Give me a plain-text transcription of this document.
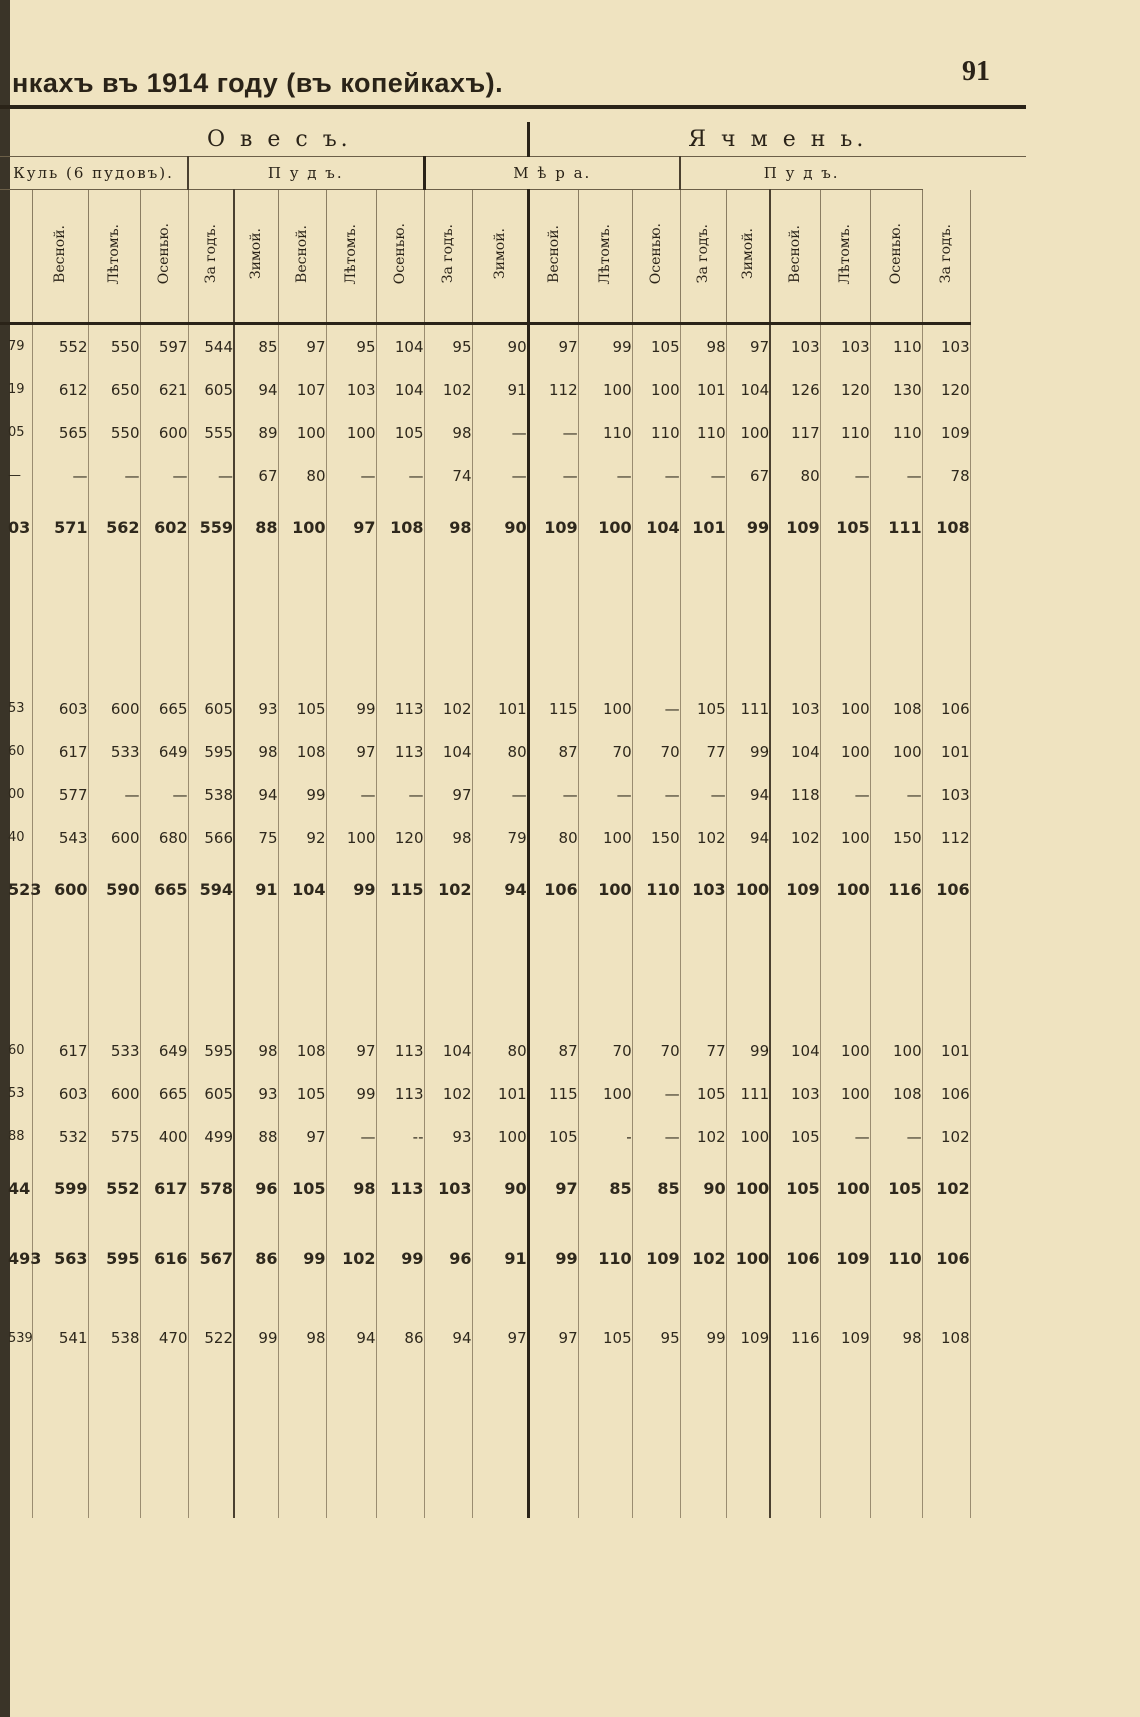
нкахъ въ 1914 году (въ копейкахъ).	91
	О в е с ъ.										Я ч м е н ь.								
Куль (6 пудовъ).				П у д ъ.					М ѣ р а.					П у д ъ.					
	Весной.	Лѣтомъ.	Осенью.	За годъ.	Зимой.	Весной.	Лѣтомъ.	Осенью.	За годъ.	Зимой.	Весной.	Лѣтомъ.	Осенью.	За годъ.	Зимой.	Весной.	Лѣтомъ.	Осенью.	За годъ.
79	552	550	597	544	85	97	95	104	95	90	97	99	105	98	97	103	103	110	103
19	612	650	621	605	94	107	103	104	102	91	112	100	100	101	104	126	120	130	120
05	565	550	600	555	89	100	100	105	98	—	—	110	110	110	100	117	110	110	109
—	—	—	—	—	67	80	—	—	74	—	—	—	—	—	67	80	—	—	78
03	571	562	602	559	88	100	97	108	98	90	109	100	104	101	99	109	105	111	108

53	603	600	665	605	93	105	99	113	102	101	115	100	—	105	111	103	100	108	106
60	617	533	649	595	98	108	97	113	104	80	87	70	70	77	99	104	100	100	101
00	577	—	—	538	94	99	—	—	97	—	—	—	—	—	94	118	—	—	103
40	543	600	680	566	75	92	100	120	98	79	80	100	150	102	94	102	100	150	112
523	600	590	665	594	91	104	99	115	102	94	106	100	110	103	100	109	100	116	106

60	617	533	649	595	98	108	97	113	104	80	87	70	70	77	99	104	100	100	101
53	603	600	665	605	93	105	99	113	102	101	115	100	—	105	111	103	100	108	106
88	532	575	400	499	88	97	—	--	93	100	105	-	—	102	100	105	—	—	102
44	599	552	617	578	96	105	98	113	103	90	97	85	85	90	100	105	100	105	102
493	563	595	616	567	86	99	102	99	96	91	99	110	109	102	100	106	109	110	106
539	541	538	470	522	99	98	94	86	94	97	97	105	95	99	109	116	109	98	108
